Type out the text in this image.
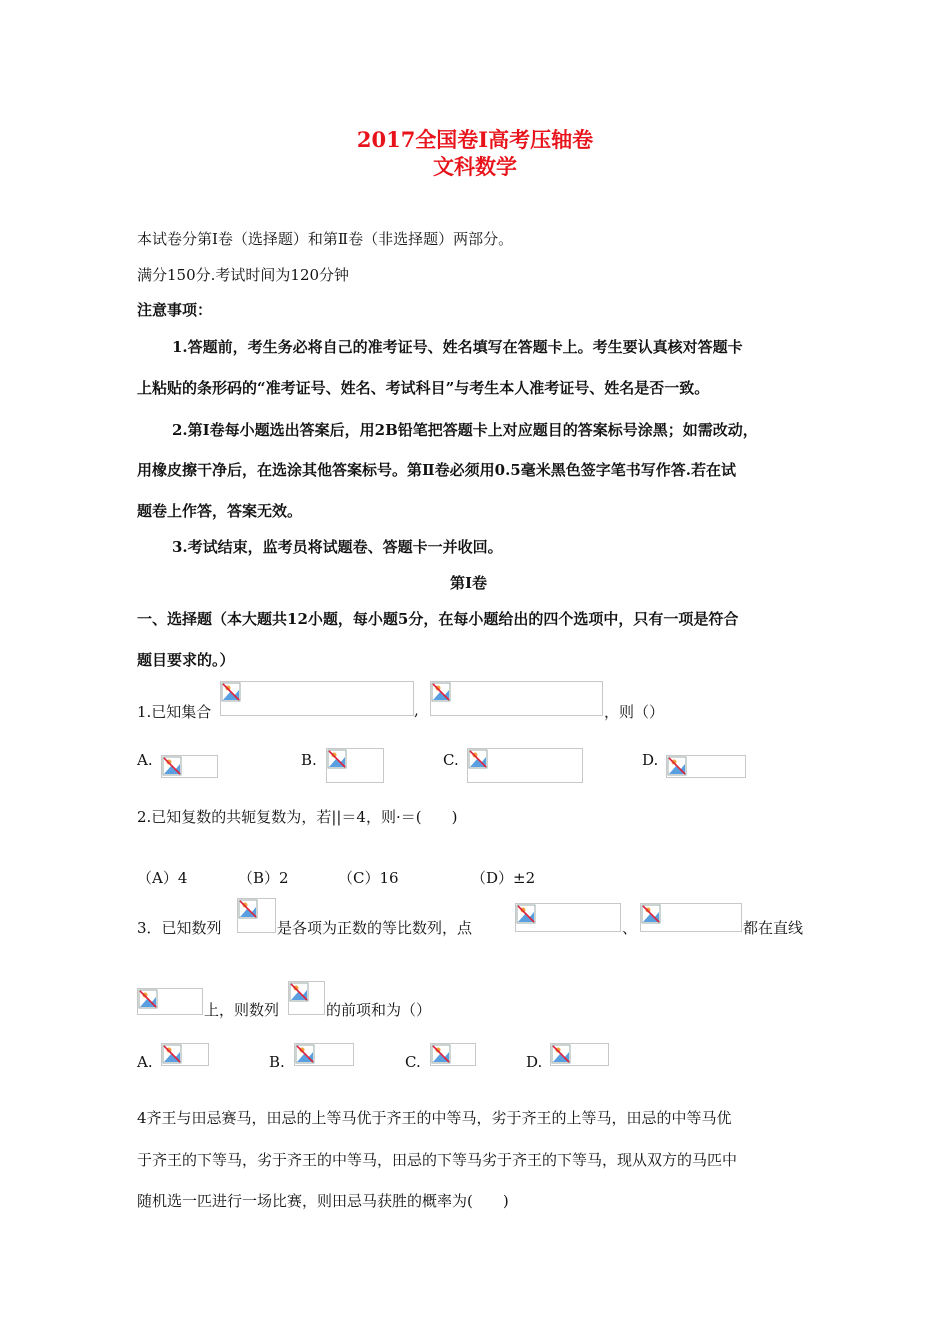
2017全国卷Ⅰ高考压轴卷
文科数学
本试卷分第Ⅰ卷（选择题）和第Ⅱ卷（非选择题）两部分。
满分150分.考试时间为120分钟
注意事项：
1.答题前，考生务必将自己的准考证号、姓名填写在答题卡上。考生要认真核对答题卡
上粘贴的条形码的“准考证号、姓名、考试科目”与考生本人准考证号、姓名是否一致。
2.第Ⅰ卷每小题选出答案后，用2B铅笔把答题卡上对应题目的答案标号涂黑；如需改动，
用橡皮擦干净后，在选涂其他答案标号。第Ⅱ卷必须用0.5毫米黑色签字笔书写作答.若在试
题卷上作答，答案无效。
3.考试结束，监考员将试题卷、答题卡一并收回。
第Ⅰ卷
一、选择题（本大题共12小题，每小题5分，在每小题给出的四个选项中，只有一项是符合
题目要求的。）
1.已知集合	,	，则（）
A.	B.	C.	D.
2.已知复数的共轭复数为，若||＝4，则·＝(　　)
（A）4	（B）2	（C）16	（D）±2
3．已知数列	是各项为正数的等比数列，点	、	都在直线
上，则数列	的前项和为（）
A.	B.	C.	D.
4齐王与田忌赛马，田忌的上等马优于齐王的中等马，劣于齐王的上等马，田忌的中等马优
于齐王的下等马，劣于齐王的中等马，田忌的下等马劣于齐王的下等马，现从双方的马匹中
随机选一匹进行一场比赛，则田忌马获胜的概率为(　　)
